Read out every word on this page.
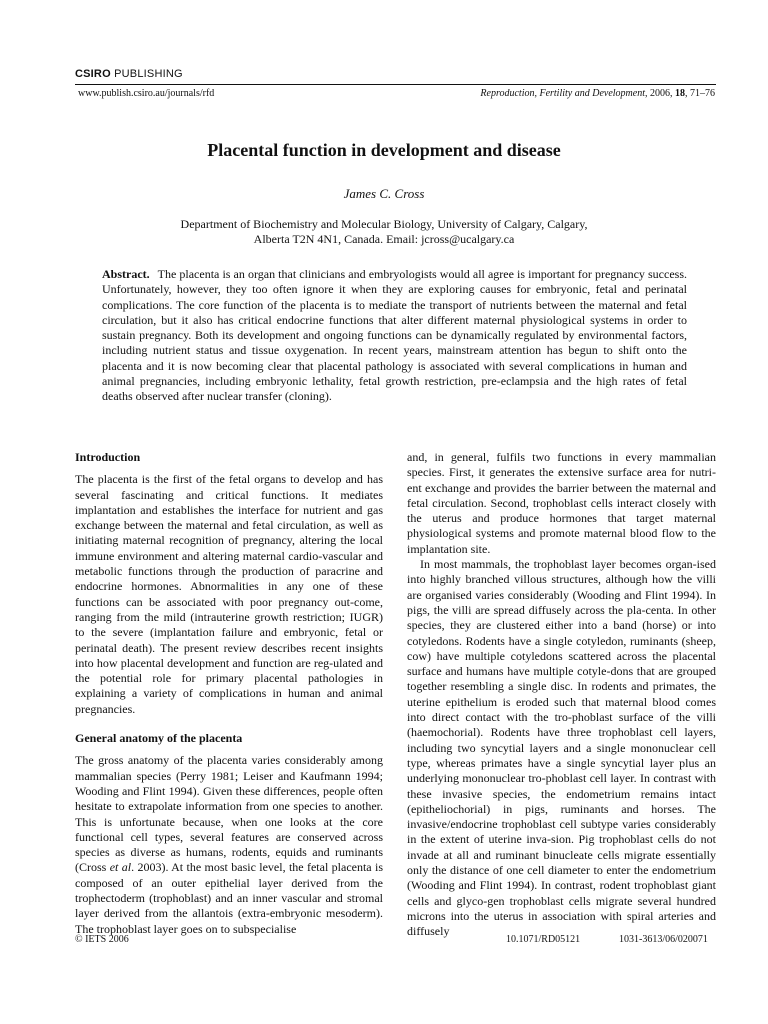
CSIRO PUBLISHING
www.publish.csiro.au/journals/rfd	Reproduction, Fertility and Development, 2006, 18, 71–76
Placental function in development and disease
James C. Cross
Department of Biochemistry and Molecular Biology, University of Calgary, Calgary,
Alberta T2N 4N1, Canada. Email: jcross@ucalgary.ca
Abstract. The placenta is an organ that clinicians and embryologists would all agree is important for pregnancy success. Unfortunately, however, they too often ignore it when they are exploring causes for embryonic, fetal and perinatal complications. The core function of the placenta is to mediate the transport of nutrients between the maternal and fetal circulation, but it also has critical endocrine functions that alter different maternal physiological systems in order to sustain pregnancy. Both its development and ongoing functions can be dynamically regulated by environmental factors, including nutrient status and tissue oxygenation. In recent years, mainstream attention has begun to shift onto the placenta and it is now becoming clear that placental pathology is associated with several complications in human and animal pregnancies, including embryonic lethality, fetal growth restriction, pre-eclampsia and the high rates of fetal deaths observed after nuclear transfer (cloning).
Introduction

The placenta is the first of the fetal organs to develop and has several fascinating and critical functions. It mediates implantation and establishes the interface for nutrient and gas exchange between the maternal and fetal circulation, as well as initiating maternal recognition of pregnancy, altering the local immune environment and altering maternal cardio-vascular and metabolic functions through the production of paracrine and endocrine hormones. Abnormalities in any one of these functions can be associated with poor pregnancy out-come, ranging from the mild (intrauterine growth restriction; IUGR) to the severe (implantation failure and embryonic, fetal or perinatal death). The present review describes recent insights into how placental development and function are reg-ulated and the potential role for primary placental pathologies in explaining a variety of complications in human and animal pregnancies.

General anatomy of the placenta

The gross anatomy of the placenta varies considerably among mammalian species (Perry 1981; Leiser and Kaufmann 1994; Wooding and Flint 1994). Given these differences, people often hesitate to extrapolate information from one species to another. This is unfortunate because, when one looks at the core functional cell types, several features are conserved across species as diverse as humans, rodents, equids and ruminants (Cross et al. 2003). At the most basic level, the fetal placenta is composed of an outer epithelial layer derived from the trophectoderm (trophoblast) and an inner vascular and stromal layer derived from the allantois (extra-embryonic mesoderm). The trophoblast layer goes on to subspecialise

and, in general, fulfils two functions in every mammalian species. First, it generates the extensive surface area for nutri-ent exchange and provides the barrier between the maternal and fetal circulation. Second, trophoblast cells interact closely with the uterus and produce hormones that target maternal physiological systems and promote maternal blood flow to the implantation site.

In most mammals, the trophoblast layer becomes organ-ised into highly branched villous structures, although how the villi are organised varies considerably (Wooding and Flint 1994). In pigs, the villi are spread diffusely across the pla-centa. In other species, they are clustered either into a band (horse) or into cotyledons. Rodents have a single cotyledon, ruminants (sheep, cow) have multiple cotyledons scattered across the placental surface and humans have multiple cotyle-dons that are grouped together resembling a single disc. In rodents and primates, the uterine epithelium is eroded such that maternal blood comes into direct contact with the tro-phoblast surface of the villi (haemochorial). Rodents have three trophoblast cell layers, including two syncytial layers and a single mononuclear cell type, whereas primates have a single syncytial layer plus an underlying mononuclear tro-phoblast cell layer. In contrast with these invasive species, the endometrium remains intact (epitheliochorial) in pigs, ruminants and horses. The invasive/endocrine trophoblast cell subtype varies considerably in the extent of uterine inva-sion. Pig trophoblast cells do not invade at all and ruminant binucleate cells migrate essentially only the distance of one cell diameter to enter the endometrium (Wooding and Flint 1994). In contrast, rodent trophoblast giant cells and glyco-gen trophoblast cells migrate several hundred microns into the uterus in association with spiral arteries and diffusely

© IETS 2006	10.1071/RD05121	1031-3613/06/020071
